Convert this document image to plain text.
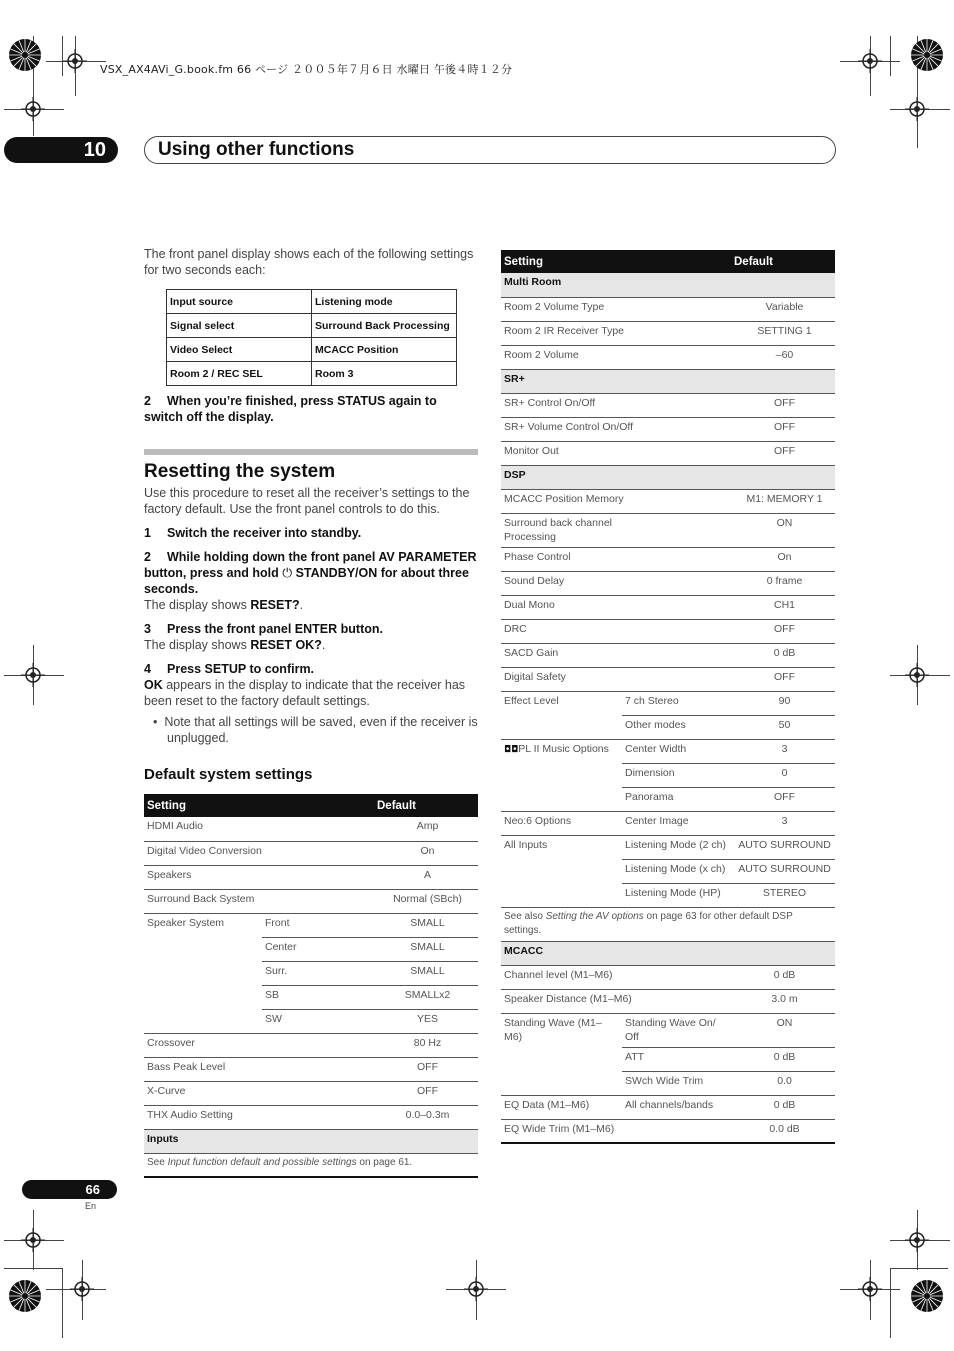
VSX_AX4AVi_G.book.fm 66 ページ ２００５年７月６日 水曜日 午後４時１２分
10	Using other functions

The front panel display shows each of the following settings for two seconds each:

Input source	Listening mode
Signal select	Surround Back Processing
Video Select	MCACC Position
Room 2 / REC SEL	Room 3

2 When you’re finished, press STATUS again to switch off the display.

Resetting the system

Use this procedure to reset all the receiver’s settings to the factory default. Use the front panel controls to do this.

1 Switch the receiver into standby.

2 While holding down the front panel AV PARAMETER button, press and hold ⏻ STANDBY/ON for about three seconds.

The display shows RESET?.

3 Press the front panel ENTER button.

The display shows RESET OK?.

4 Press SETUP to confirm.

OK appears in the display to indicate that the receiver has been reset to the factory default settings.

•  Note that all settings will be saved, even if the receiver is unplugged.

Default system settings
Setting		Default
HDMI Audio		Amp
Digital Video Conversion		On
Speakers		A
Surround Back System		Normal (SBch)
Speaker System	Front	SMALL
	Center	SMALL
	Surr.	SMALL
	SB	SMALLx2
	SW	YES
Crossover		80 Hz
Bass Peak Level		OFF
X-Curve		OFF
THX Audio Setting		0.0–0.3m
Inputs		
See Input function default and possible settings on page 61.		
Setting		Default
Multi Room		
Room 2 Volume Type		Variable
Room 2 IR Receiver Type		SETTING 1
Room 2 Volume		–60
SR+		
SR+ Control On/Off		OFF
SR+ Volume Control On/Off		OFF
Monitor Out		OFF
DSP		
MCACC Position Memory		M1: MEMORY 1
Surround back channel Processing		ON
Phase Control		On
Sound Delay		0 frame
Dual Mono		CH1
DRC		OFF
SACD Gain		0 dB
Digital Safety		OFF
Effect Level	7 ch Stereo	90
	Other modes	50
◘◘PL II Music Options	Center Width	3
	Dimension	0
	Panorama	OFF
Neo:6 Options	Center Image	3
All Inputs	Listening Mode (2 ch)	AUTO SURROUND
	Listening Mode (x ch)	AUTO SURROUND
	Listening Mode (HP)	STEREO
See also Setting the AV options on page 63 for other default DSP settings.		
MCACC		
Channel level (M1–M6)		0 dB
Speaker Distance (M1–M6)		3.0 m
Standing Wave (M1–M6)	Standing Wave On/ Off	ON
	ATT	0 dB
	SWch Wide Trim	0.0
EQ Data (M1–M6)	All channels/bands	0 dB
EQ Wide Trim (M1–M6)		0.0 dB
66
En
